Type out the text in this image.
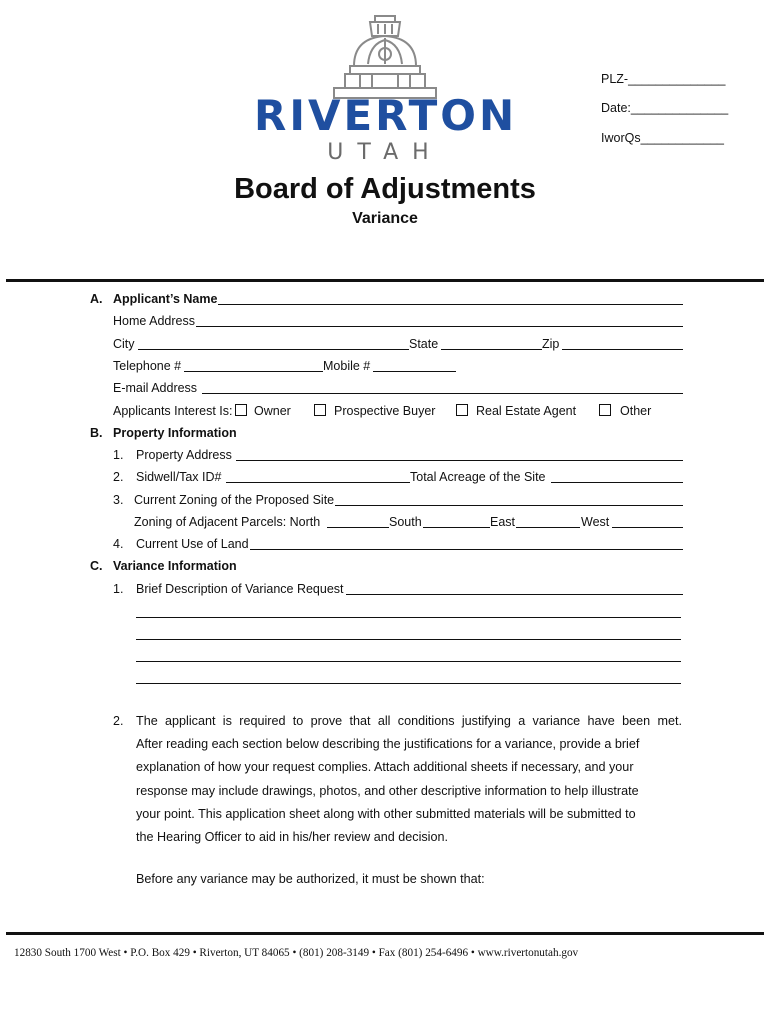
RIVERTON
UTAH
PLZ-______________
Date:______________
IworQs____________
Board of Adjustments
Variance
A. Applicant’s Name
Home Address
City	State	Zip
Telephone #	Mobile #
E-mail Address
Applicants Interest Is: Owner	Prospective Buyer	Real Estate Agent	Other
B. Property Information
1. Property Address
2. Sidwell/Tax ID#	Total Acreage of the Site
3. Current Zoning of the Proposed Site
Zoning of Adjacent Parcels: North	South	East	West
4. Current Use of Land
C. Variance Information
1. Brief Description of Variance Request
2. The applicant is required to prove that all conditions justifying a variance have been met.
After reading each section below describing the justifications for a variance, provide a brief
explanation of how your request complies. Attach additional sheets if necessary, and your
response may include drawings, photos, and other descriptive information to help illustrate
your point. This application sheet along with other submitted materials will be submitted to
the Hearing Officer to aid in his/her review and decision.
Before any variance may be authorized, it must be shown that:
12830 South 1700 West • P.O. Box 429 • Riverton, UT 84065 • (801) 208-3149 • Fax (801) 254-6496 • www.rivertonutah.gov
